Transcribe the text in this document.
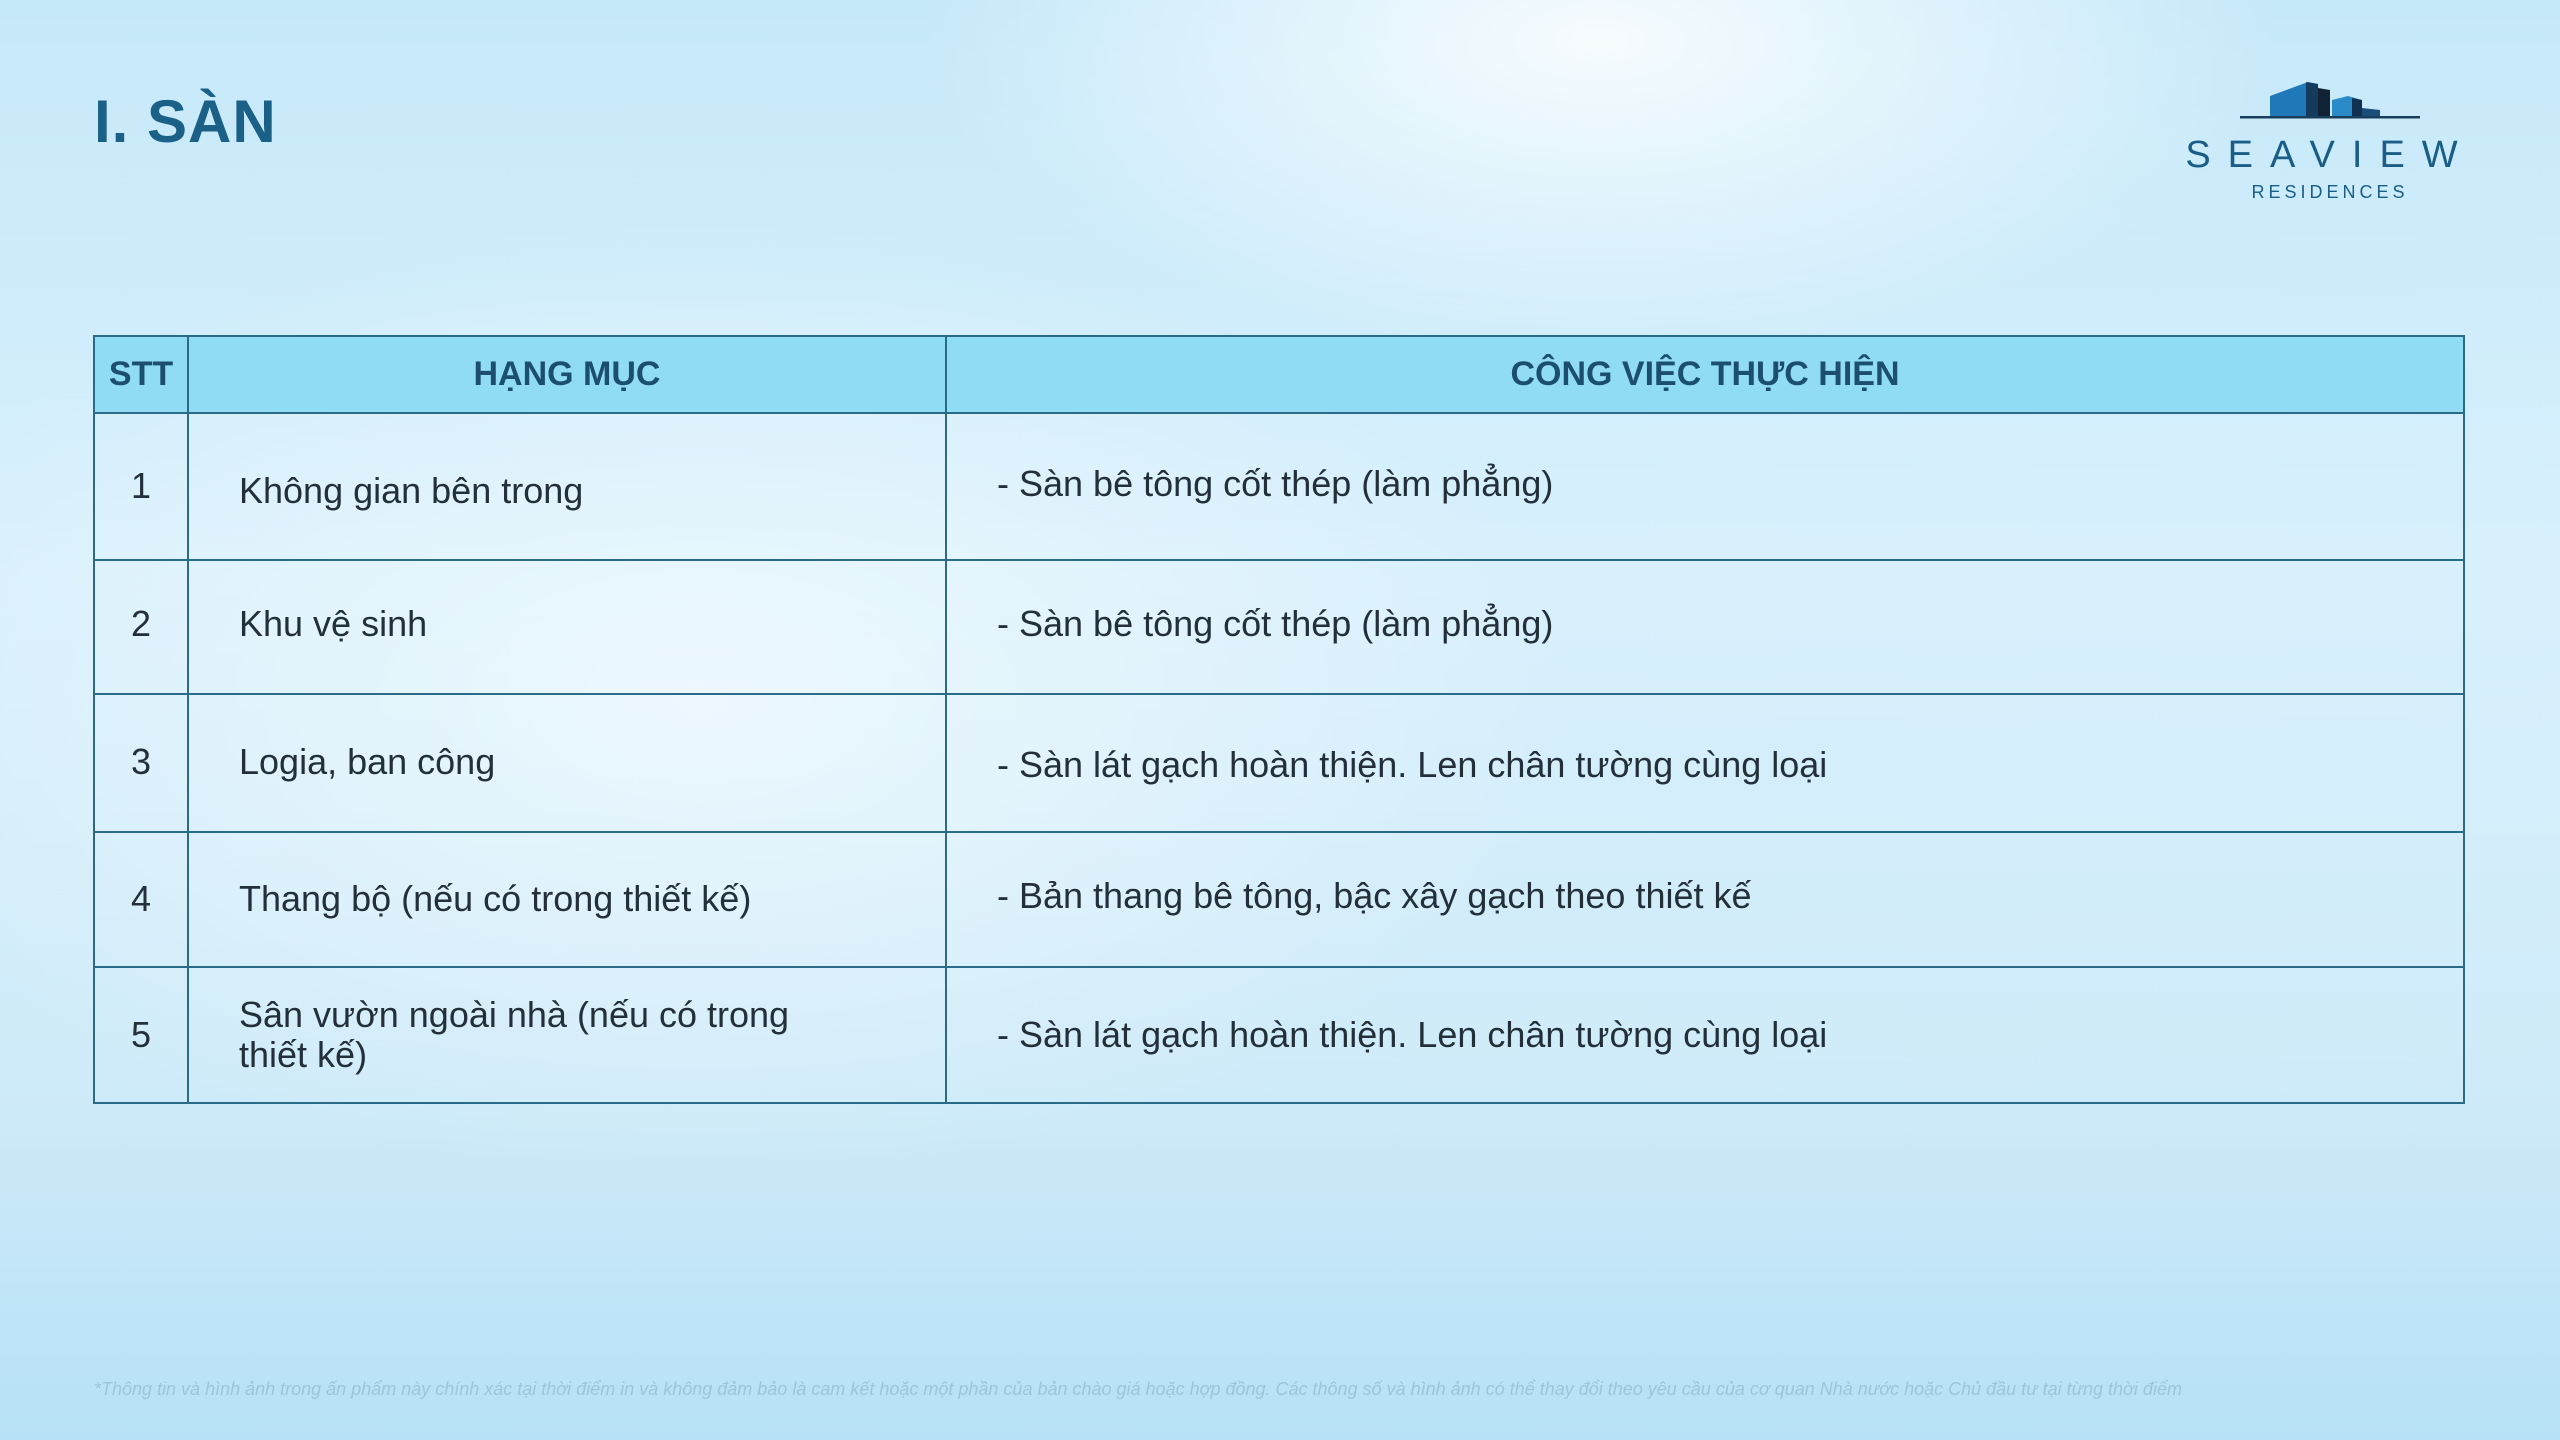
I. SÀN	SEAVIEW
RESIDENCES
STT	HẠNG MỤC	CÔNG VIỆC THỰC HIỆN
1	Không gian bên trong	- Sàn bê tông cốt thép (làm phẳng)
2	Khu vệ sinh	- Sàn bê tông cốt thép (làm phẳng)
3	Logia, ban công	- Sàn lát gạch hoàn thiện. Len chân tường cùng loại
4	Thang bộ (nếu có trong thiết kế)	- Bản thang bê tông, bậc xây gạch theo thiết kế
5	Sân vườn ngoài nhà (nếu có trong thiết kế)	- Sàn lát gạch hoàn thiện. Len chân tường cùng loại
*Thông tin và hình ảnh trong ấn phẩm này chính xác tại thời điểm in và không đảm bảo là cam kết hoặc một phần của bản chào giá hoặc hợp đồng. Các thông số và hình ảnh có thể thay đổi theo yêu cầu của cơ quan Nhà nước hoặc Chủ đầu tư tại từng thời điểm
